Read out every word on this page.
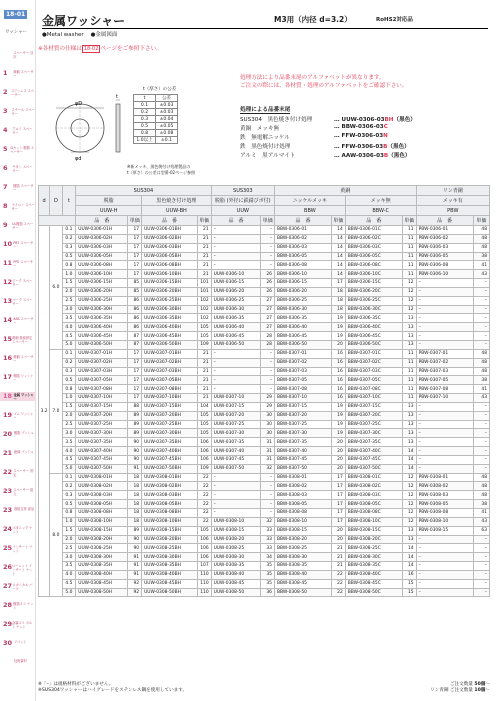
18-01
ワッシャー
スペーサー 目次
1	黄銅 スペーサー
2	ステンレス スペーサー
3	スチール スペーサー
4	アルミ スペーサー
5 Dカット 樹脂 スペーサー
6	チタン スペーサー
7	樹脂 スペーサー
8	ナイロン スペーサー
9	UL樹脂 スペーサー
10 PBT スペーサー
11 PPS スペーサー
12 ピーク スペーサー
13 ベーク スペーサー
14 ABS スペーサー
15 黄銅 基板固定 スペーサー
16 黄銅 スペーサー
17 樹脂 ワッシャー
18 金属 ワッシャー
19 ゴム ワッシャー
20 樹脂 ブッシュ
21 絶縁 ブッシュ
22 スペーサー 固定
23 スペーサー 組立
23 基板支持 部品
24 ボタニック ナット
25 インサート ナット
26 ローレット インサート ナット
27 メカニカル パーツ
28 樹脂スリ ナット
29 金属スリ ボルト ナット
30 リベット
技術資料
金属ワッシャー	M3用（内径 d=3.2）	RoHS2対応品
●Metal washer ●金属図面
※各材質の仕様は 18-02 ページをご参照下さい。
φD
φd
t
t（厚さ）の公差
t	公差
0.1	±0.03
0.2	±0.03
0.3	±0.04
0.5	±0.05
0.8	±0.08
1.0以上	±0.1
※新メッキ、黒色焼付け処理製品の
t（厚さ）の公差は型番-02ページ参照
処理方法により品番末尾のアルファベットが異なります。
ご注文の際には、各材質・処理のアルファベットをご確認下さい。
処理による品番末尾
SUS304　黒色焼き付け処理	… UUW-0306-03BH（黒色）
黄銅　メッキ無	… BBW-0306-03C
鉄　無電解ニッケル	… FFW-0306-03N
鉄　黒色焼付け処理	… FFW-0306-03B（黒色）
アルミ　黒アルマイト	… AAW-0306-03B（黒色）
d	D	t	SUS304				SUS303		黄銅				リン青銅	
			脱脂		黒色焼き付け処理		脱脂 (外径に鉄錆びボ付)		ニッケルメッキ		メッキ無		メッキ有	
			UUW-H		UUW-BH		UUW		BBW		BBW-C		PBW	
			品　番	単価	品　番	単価	品　番	単価	品　番	単価	品　番	単価	品　番	単価
3.2	6.0	0.1	UUW-0306-01H	17	UUW-0306-01BH	21	–	–	BBW-0306-01	14	BBW-0306-01C	11	PBW-0306-01	48
		0.2	UUW-0306-02H	17	UUW-0306-02BH	21	–	–	BBW-0306-02	14	BBW-0306-02C	11	PBW-0306-02	48
		0.3	UUW-0306-03H	17	UUW-0306-03BH	21	–	–	BBW-0306-03	14	BBW-0306-03C	11	PBW-0306-03	48
		0.5	UUW-0306-05H	17	UUW-0306-05BH	21	–	–	BBW-0306-05	14	BBW-0306-05C	11	PBW-0306-05	38
		0.8	UUW-0306-08H	17	UUW-0306-08BH	21	–	–	BBW-0306-08	14	BBW-0306-08C	11	PBW-0306-08	41
		1.0	UUW-0306-10H	17	UUW-0306-10BH	21	UUW-0306-10	26	BBW-0306-10	14	BBW-0306-10C	11	PBW-0306-10	43
		1.5	UUW-0306-15H	85	UUW-0306-15BH	101	UUW-0306-15	26	BBW-0306-15	17	BBW-0306-15C	12	–	–
		2.0	UUW-0306-20H	85	UUW-0306-20BH	101	UUW-0306-20	26	BBW-0306-20	18	BBW-0306-20C	12	–	–
		2.5	UUW-0306-25H	86	UUW-0306-25BH	102	UUW-0306-25	27	BBW-0306-25	18	BBW-0306-25C	12	–	–
		3.0	UUW-0306-30H	86	UUW-0306-30BH	102	UUW-0306-30	27	BBW-0306-30	18	BBW-0306-30C	12	–	–
		3.5	UUW-0306-35H	86	UUW-0306-35BH	102	UUW-0306-35	27	BBW-0306-35	19	BBW-0306-35C	13	–	–
		4.0	UUW-0306-40H	86	UUW-0306-40BH	105	UUW-0306-40	27	BBW-0306-40	19	BBW-0306-40C	13	–	–
		4.5	UUW-0306-45H	87	UUW-0306-45BH	105	UUW-0306-45	28	BBW-0306-45	19	BBW-0306-45C	13	–	–
		5.0	UUW-0306-50H	87	UUW-0306-50BH	109	UUW-0306-50	28	BBW-0306-50	20	BBW-0306-50C	13	–	–
	7.0	0.1	UUW-0307-01H	17	UUW-0307-01BH	21	–	–	BBW-0307-01	16	BBW-0307-01C	11	PBW-0307-01	48
		0.2	UUW-0307-02H	17	UUW-0307-02BH	21	–	–	BBW-0307-02	16	BBW-0307-02C	11	PBW-0307-02	48
		0.3	UUW-0307-03H	17	UUW-0307-03BH	21	–	–	BBW-0307-03	16	BBW-0307-03C	11	PBW-0307-03	48
		0.5	UUW-0307-05H	17	UUW-0307-05BH	21	–	–	BBW-0307-05	16	BBW-0307-05C	11	PBW-0307-05	38
		0.8	UUW-0307-08H	17	UUW-0307-08BH	21	–	–	BBW-0307-08	16	BBW-0307-08C	11	PBW-0307-08	41
		1.0	UUW-0307-10H	17	UUW-0307-10BH	21	UUW-0307-10	29	BBW-0307-10	16	BBW-0307-10C	11	PBW-0307-10	43
		1.5	UUW-0307-15H	88	UUW-0307-15BH	104	UUW-0307-15	29	BBW-0307-15	19	BBW-0307-15C	13	–	–
		2.0	UUW-0307-20H	89	UUW-0307-20BH	105	UUW-0307-20	30	BBW-0307-20	19	BBW-0307-20C	13	–	–
		2.5	UUW-0307-25H	89	UUW-0307-25BH	105	UUW-0307-25	30	BBW-0307-25	19	BBW-0307-25C	13	–	–
		3.0	UUW-0307-30H	89	UUW-0307-30BH	105	UUW-0307-30	30	BBW-0307-30	19	BBW-0307-30C	13	–	–
		3.5	UUW-0307-35H	90	UUW-0307-35BH	106	UUW-0307-35	31	BBW-0307-35	20	BBW-0307-35C	13	–	–
		4.0	UUW-0307-40H	90	UUW-0307-40BH	106	UUW-0307-40	31	BBW-0307-40	20	BBW-0307-40C	14	–	–
		4.5	UUW-0307-45H	90	UUW-0307-45BH	106	UUW-0307-45	31	BBW-0307-45	20	BBW-0307-45C	14	–	–
		5.0	UUW-0307-50H	91	UUW-0307-50BH	109	UUW-0307-50	32	BBW-0307-50	20	BBW-0307-50C	14	–	–
	8.0	0.1	UUW-0308-01H	18	UUW-0308-01BH	22	–	–	BBW-0308-01	17	BBW-0308-01C	12	PBW-0308-01	48
		0.2	UUW-0308-02H	18	UUW-0308-02BH	22	–	–	BBW-0308-02	17	BBW-0308-02C	12	PBW-0308-02	48
		0.3	UUW-0308-03H	18	UUW-0308-03BH	22	–	–	BBW-0308-03	17	BBW-0308-03C	12	PBW-0308-03	48
		0.5	UUW-0308-05H	18	UUW-0308-05BH	22	–	–	BBW-0308-05	17	BBW-0308-05C	12	PBW-0308-05	38
		0.8	UUW-0308-08H	18	UUW-0308-08BH	22	–	–	BBW-0308-08	17	BBW-0308-08C	12	PBW-0308-08	41
		1.0	UUW-0308-10H	18	UUW-0308-10BH	22	UUW-0308-10	32	BBW-0308-10	17	BBW-0308-10C	12	PBW-0308-10	43
		1.5	UUW-0308-15H	89	UUW-0308-15BH	105	UUW-0308-15	33	BBW-0308-15	20	BBW-0308-15C	13	PBW-0308-15	63
		2.0	UUW-0308-20H	90	UUW-0308-20BH	106	UUW-0308-20	33	BBW-0308-20	20	BBW-0308-20C	13	–	–
		2.5	UUW-0308-25H	90	UUW-0308-25BH	106	UUW-0308-25	33	BBW-0308-25	21	BBW-0308-25C	14	–	–
		3.0	UUW-0308-30H	91	UUW-0308-30BH	106	UUW-0308-30	34	BBW-0308-30	21	BBW-0308-30C	14	–	–
		3.5	UUW-0308-35H	91	UUW-0308-35BH	107	UUW-0308-35	35	BBW-0308-35	21	BBW-0308-35C	14	–	–
		4.0	UUW-0308-40H	91	UUW-0308-40BH	110	UUW-0308-40	35	BBW-0308-40	22	BBW-0308-40C	16	–	–
		4.5	UUW-0308-45H	92	UUW-0308-45BH	110	UUW-0308-45	35	BBW-0308-45	22	BBW-0308-45C	15	–	–
		5.0	UUW-0308-50H	92	UUW-0308-50BH	110	UUW-0308-50	36	BBW-0308-50	22	BBW-0308-50C	15	–	–
※「–」は規格材料がございません。
※SUS304ワッシャーはハイグレードをステンレス鋼を使用しています。
ご注文数量 50個～
リン青銅 ご注文数量 10個～
